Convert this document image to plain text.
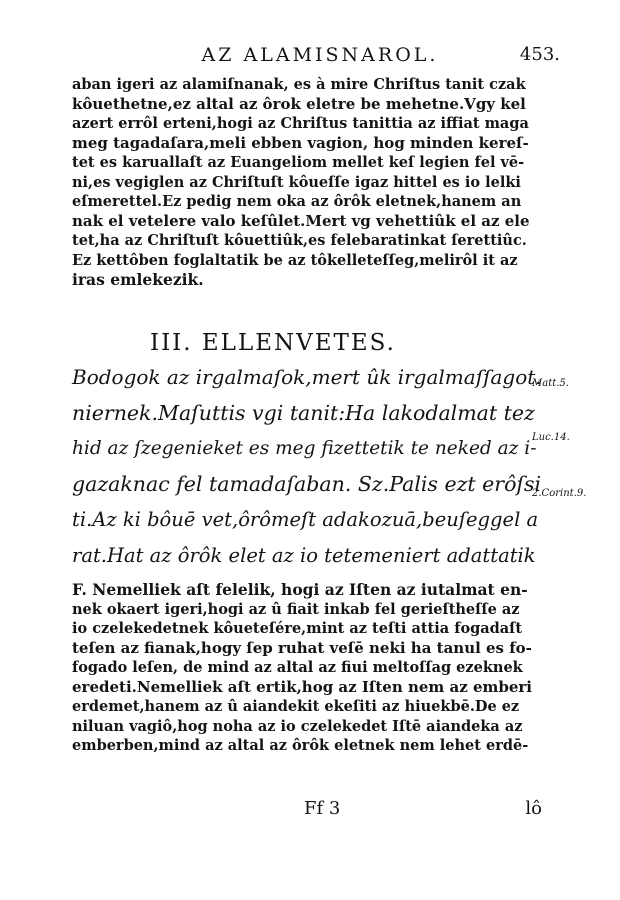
AZ ALAMISNAROL.	453.

aban igeri az alamiſnanak, es à mire Chriſtus tanit czak
kôuethetne,ez altal az ôrok eletre be mehetne.Vgy kel
azert errôl erteni,hogi az Chriſtus tanittia az iffiat maga
meg tagadaſara,meli ebben vagion, hog minden kereſ-
tet es karuallaſt az Euangeliom mellet keſ legien fel vē-
ni,es vegiglen az Chriſtuſt kôueſſe igaz hittel es io lelki
eſmerettel.Ez pedig nem oka az ôrôk eletnek,hanem an
nak el vetelere valo keſûlet.Mert vg vehettiûk el az ele
tet,ha az Chriſtuſt kôuettiûk,es felebaratinkat ſerettiûc.
Ez kettôben foglaltatik be az tôkelleteſſeg,melirôl it az
iras emlekezik.

III. ELLENVETES.

Bodogok az irgalmaſok,mert ûk irgalmaſſagot.
niernek.Maſuttis vgi tanit:Ha lakodalmat tez
hid az ſzegenieket es meg fizettetik te neked az i-
gazaknac fel tamadaſaban. Sz.Palis ezt erôſsi
ti.Az ki bôuē vet,ôrômeſt adakozuā,beuſeggel a
rat.Hat az ôrôk elet az io tetemeniert adattatik

Matt.5.
Luc.14.
2.Corint.9.

F. Nemelliek aſt felelik, hogi az Iſten az iutalmat en-
nek okaert igeri,hogi az û fiait inkab fel gerieſtheſſe az
io czelekedetnek kôueteſére,mint az teſti attia fogadaſt
teſen az fianak,hogy ſep ruhat veſē neki ha tanul es fo-
fogado leſen, de mind az altal az fiui meltoſſag ezeknek
eredeti.Nemelliek aſt ertik,hog az Iſten nem az emberi
erdemet,hanem az û aiandekit ekeſiti az hiuekbē.De ez
niluan vagiô,hog noha az io czelekedet Iſtē aiandeka az
emberben,mind az altal az ôrôk eletnek nem lehet erdē-

Ff 3	lô
